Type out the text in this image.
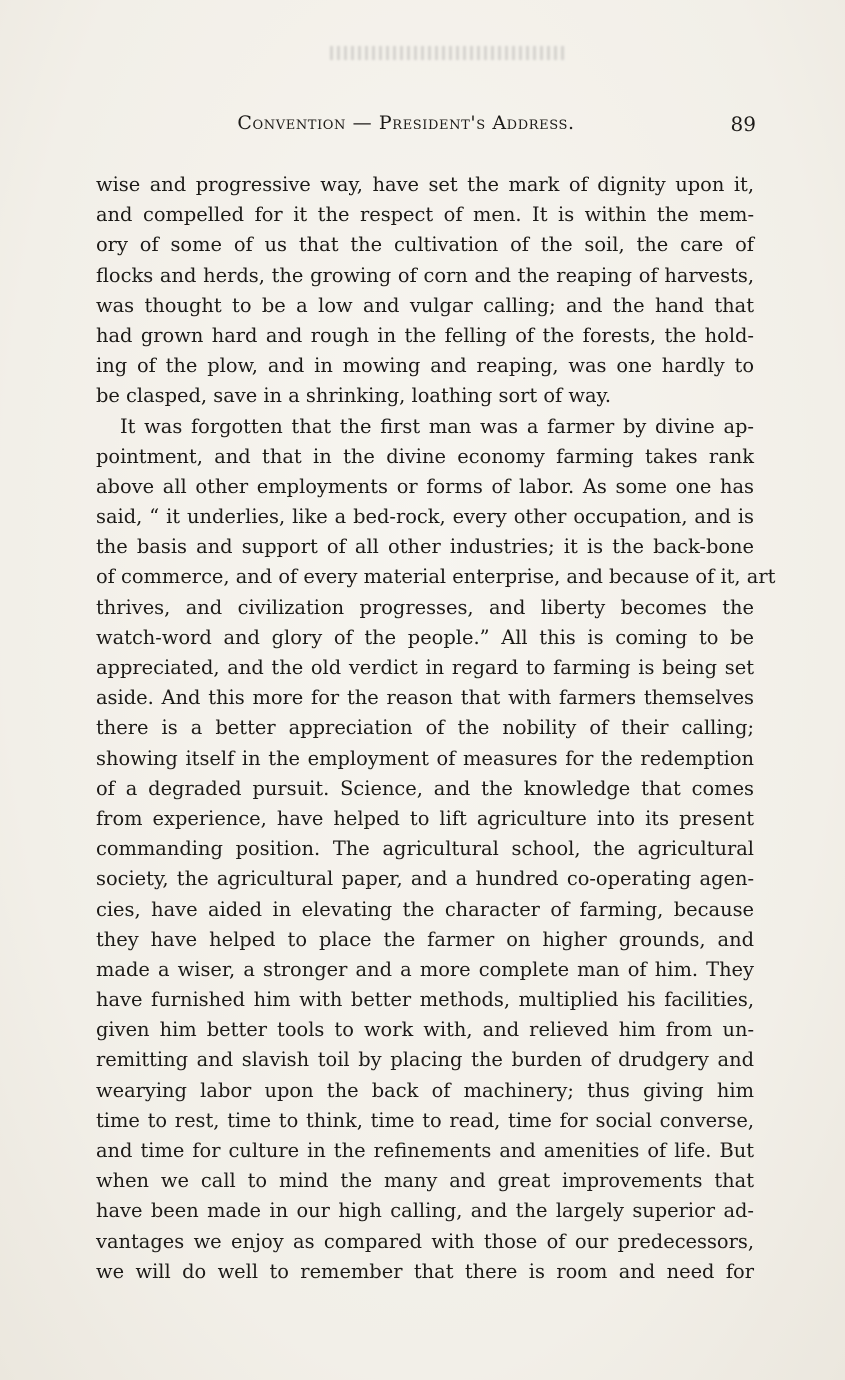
Convention — President's Address.	89
wise and progressive way, have set the mark of dignity upon it,
and compelled for it the respect of men. It is within the mem-
ory of some of us that the cultivation of the soil, the care of
flocks and herds, the growing of corn and the reaping of harvests,
was thought to be a low and vulgar calling; and the hand that
had grown hard and rough in the felling of the forests, the hold-
ing of the plow, and in mowing and reaping, was one hardly to
be clasped, save in a shrinking, loathing sort of way.
It was forgotten that the first man was a farmer by divine ap-
pointment, and that in the divine economy farming takes rank
above all other employments or forms of labor. As some one has
said, “ it underlies, like a bed-rock, every other occupation, and is
the basis and support of all other industries; it is the back-bone
of commerce, and of every material enterprise, and because of it, art
thrives, and civilization progresses, and liberty becomes the
watch-word and glory of the people.” All this is coming to be
appreciated, and the old verdict in regard to farming is being set
aside. And this more for the reason that with farmers themselves
there is a better appreciation of the nobility of their calling;
showing itself in the employment of measures for the redemption
of a degraded pursuit. Science, and the knowledge that comes
from experience, have helped to lift agriculture into its present
commanding position. The agricultural school, the agricultural
society, the agricultural paper, and a hundred co-operating agen-
cies, have aided in elevating the character of farming, because
they have helped to place the farmer on higher grounds, and
made a wiser, a stronger and a more complete man of him. They
have furnished him with better methods, multiplied his facilities,
given him better tools to work with, and relieved him from un-
remitting and slavish toil by placing the burden of drudgery and
wearying labor upon the back of machinery; thus giving him
time to rest, time to think, time to read, time for social converse,
and time for culture in the refinements and amenities of life. But
when we call to mind the many and great improvements that
have been made in our high calling, and the largely superior ad-
vantages we enjoy as compared with those of our predecessors,
we will do well to remember that there is room and need for
